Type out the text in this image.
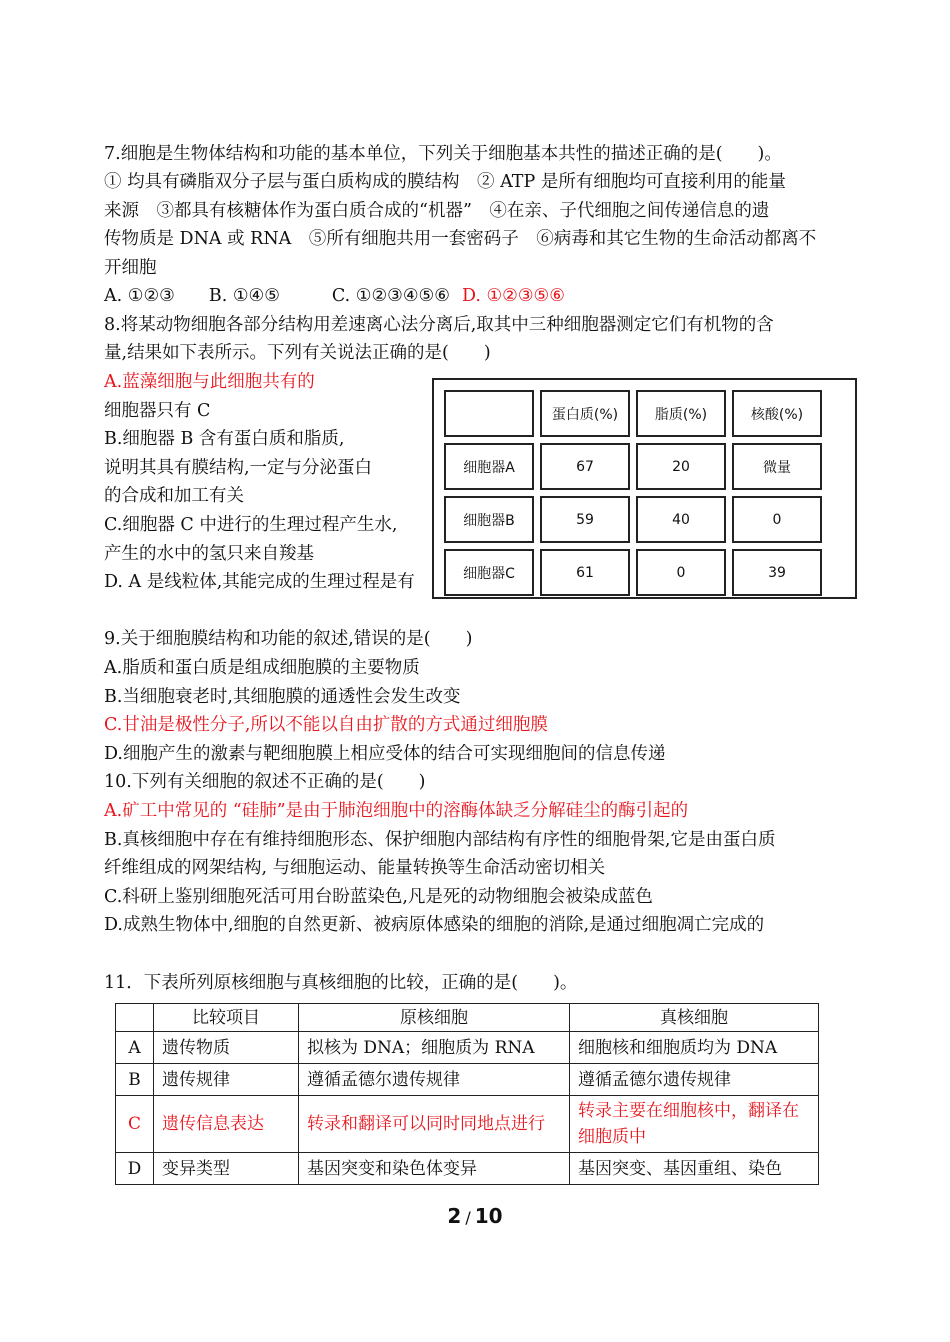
7.细胞是生物体结构和功能的基本单位，下列关于细胞基本共性的描述正确的是(　　)。
① 均具有磷脂双分子层与蛋白质构成的膜结构　② ATP 是所有细胞均可直接利用的能量
来源　③都具有核糖体作为蛋白质合成的“机器”　④在亲、子代细胞之间传递信息的遗
传物质是 DNA 或 RNA　⑤所有细胞共用一套密码子　⑥病毒和其它生物的生命活动都离不
开细胞
A. ①②③ B. ①④⑤	C. ①②③④⑤⑥ D. ①②③⑤⑥
8.将某动物细胞各部分结构用差速离心法分离后,取其中三种细胞器测定它们有机物的含
量,结果如下表所示。下列有关说法正确的是(　　)
A.蓝藻细胞与此细胞共有的
细胞器只有 C
B.细胞器 B 含有蛋白质和脂质,
说明其具有膜结构,一定与分泌蛋白
的合成和加工有关
C.细胞器 C 中进行的生理过程产生水,
产生的水中的氢只来自羧基
D. A 是线粒体,其能完成的生理过程是有
	蛋白质(%)	脂质(%)	核酸(%)
细胞器A	67	20	微量
细胞器B	59	40	0
细胞器C	61	0	39
9.关于细胞膜结构和功能的叙述,错误的是(　　)
A.脂质和蛋白质是组成细胞膜的主要物质
B.当细胞衰老时,其细胞膜的通透性会发生改变
C.甘油是极性分子,所以不能以自由扩散的方式通过细胞膜
D.细胞产生的激素与靶细胞膜上相应受体的结合可实现细胞间的信息传递
10.下列有关细胞的叙述不正确的是(　　)
A.矿工中常见的 “硅肺”是由于肺泡细胞中的溶酶体缺乏分解硅尘的酶引起的
B.真核细胞中存在有维持细胞形态、保护细胞内部结构有序性的细胞骨架,它是由蛋白质
纤维组成的网架结构, 与细胞运动、能量转换等生命活动密切相关
C.科研上鉴别细胞死活可用台盼蓝染色,凡是死的动物细胞会被染成蓝色
D.成熟生物体中,细胞的自然更新、被病原体感染的细胞的消除,是通过细胞凋亡完成的
11．下表所列原核细胞与真核细胞的比较，正确的是(　　)。
	比较项目	原核细胞	真核细胞
A	遗传物质	拟核为 DNA；细胞质为 RNA	细胞核和细胞质均为 DNA
B	遗传规律	遵循孟德尔遗传规律	遵循孟德尔遗传规律
C	遗传信息表达	转录和翻译可以同时同地点进行	转录主要在细胞核中，翻译在细胞质中
D	变异类型	基因突变和染色体变异	基因突变、基因重组、染色
2 / 10
